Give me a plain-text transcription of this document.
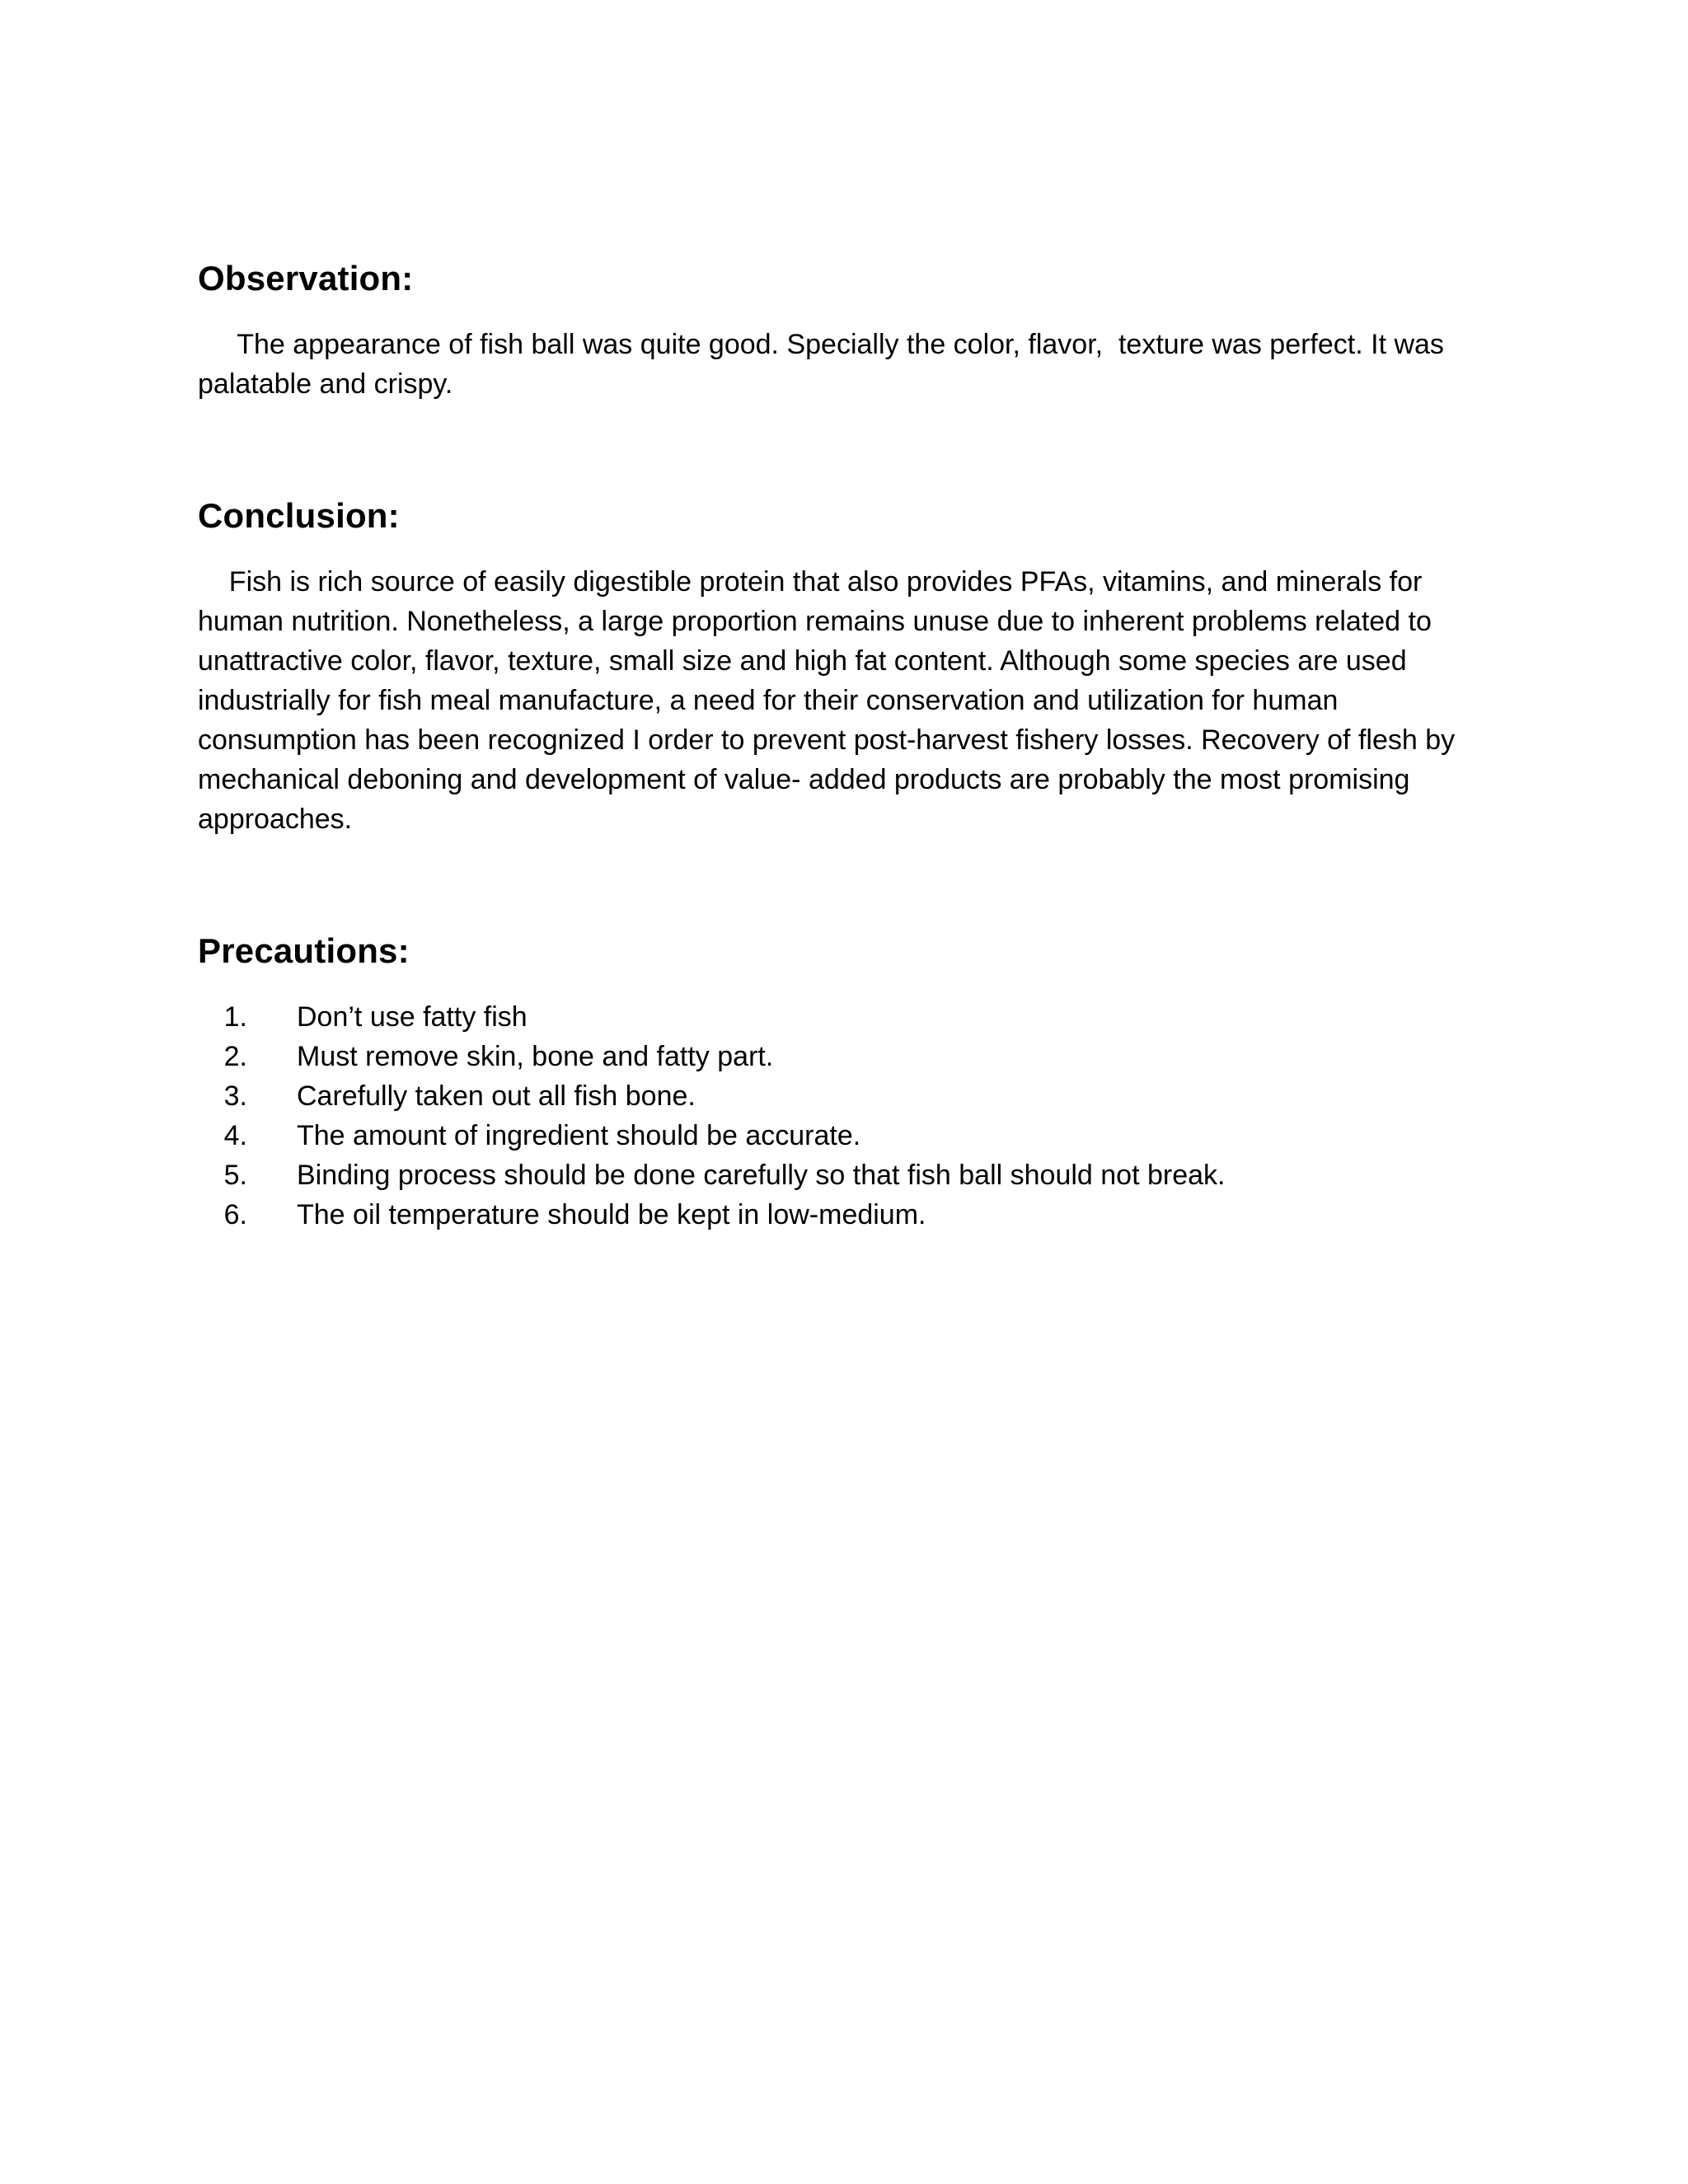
Observation:

The appearance of fish ball was quite good. Specially the color, flavor,  texture was perfect. It was palatable and crispy.

Conclusion:

Fish is rich source of easily digestible protein that also provides PFAs, vitamins, and minerals for human nutrition. Nonetheless, a large proportion remains unuse due to inherent problems related to unattractive color, flavor, texture, small size and high fat content. Although some species are used industrially for fish meal manufacture, a need for their conservation and utilization for human consumption has been recognized I order to prevent post-harvest fishery losses. Recovery of flesh by mechanical deboning and development of value- added products are probably the most promising approaches.

Precautions:
1. Don’t use fatty fish
2. Must remove skin, bone and fatty part.
3. Carefully taken out all fish bone.
4. The amount of ingredient should be accurate.
5. Binding process should be done carefully so that fish ball should not break.
6. The oil temperature should be kept in low-medium.
